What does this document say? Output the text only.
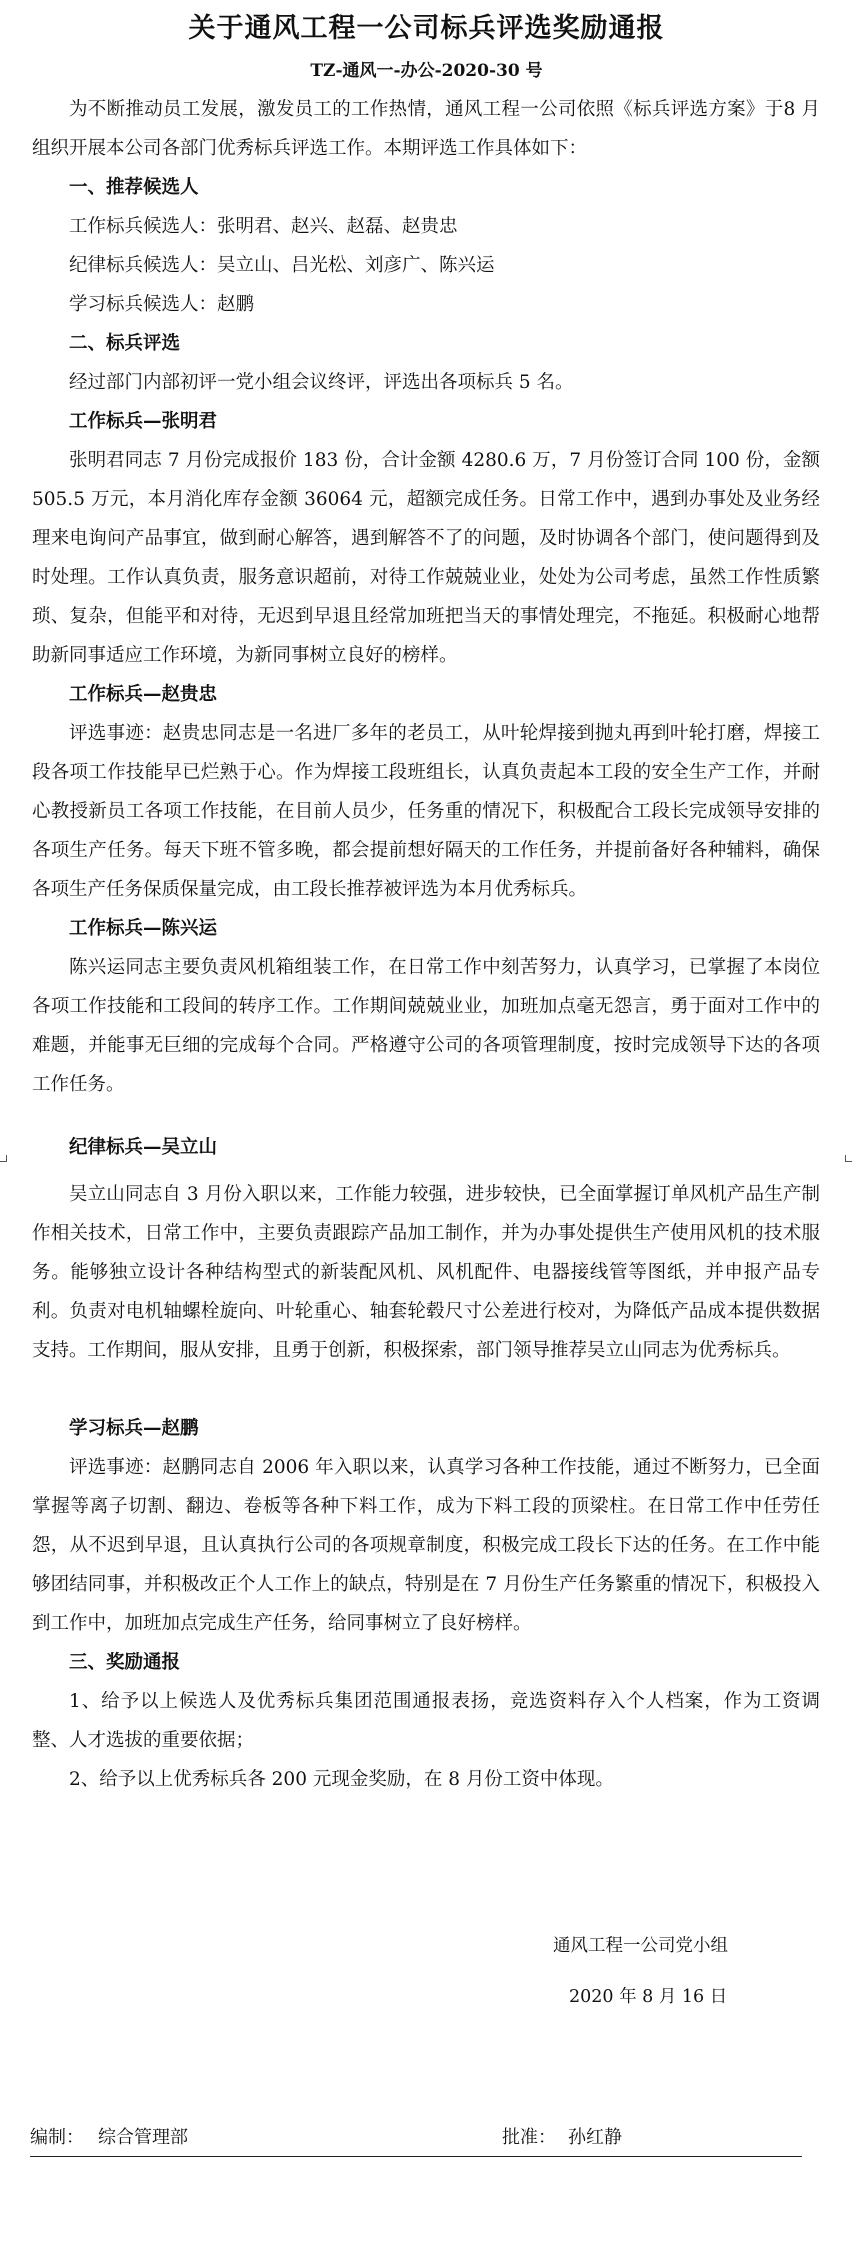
关于通风工程一公司标兵评选奖励通报
TZ-通风一-办公-2020-30 号

为不断推动员工发展，激发员工的工作热情，通风工程一公司依照《标兵评选方案》于8 月组织开展本公司各部门优秀标兵评选工作。本期评选工作具体如下：

一、推荐候选人
工作标兵候选人：张明君、赵兴、赵磊、赵贵忠
纪律标兵候选人：吴立山、吕光松、刘彦广、陈兴运
学习标兵候选人：赵鹏
二、标兵评选
经过部门内部初评一党小组会议终评，评选出各项标兵 5 名。
工作标兵—张明君

张明君同志 7 月份完成报价 183 份，合计金额 4280.6 万，7 月份签订合同 100 份，金额 505.5 万元，本月消化库存金额 36064 元，超额完成任务。日常工作中，遇到办事处及业务经理来电询问产品事宜，做到耐心解答，遇到解答不了的问题，及时协调各个部门，使问题得到及时处理。工作认真负责，服务意识超前，对待工作兢兢业业，处处为公司考虑，虽然工作性质繁琐、复杂，但能平和对待，无迟到早退且经常加班把当天的事情处理完，不拖延。积极耐心地帮助新同事适应工作环境，为新同事树立良好的榜样。

工作标兵—赵贵忠

评选事迹：赵贵忠同志是一名进厂多年的老员工，从叶轮焊接到抛丸再到叶轮打磨，焊接工段各项工作技能早已烂熟于心。作为焊接工段班组长，认真负责起本工段的安全生产工作，并耐心教授新员工各项工作技能，在目前人员少，任务重的情况下，积极配合工段长完成领导安排的各项生产任务。每天下班不管多晚，都会提前想好隔天的工作任务，并提前备好各种辅料，确保各项生产任务保质保量完成，由工段长推荐被评选为本月优秀标兵。

工作标兵—陈兴运

陈兴运同志主要负责风机箱组装工作，在日常工作中刻苦努力，认真学习，已掌握了本岗位各项工作技能和工段间的转序工作。工作期间兢兢业业，加班加点毫无怨言，勇于面对工作中的难题，并能事无巨细的完成每个合同。严格遵守公司的各项管理制度，按时完成领导下达的各项工作任务。

纪律标兵—吴立山

吴立山同志自 3 月份入职以来，工作能力较强，进步较快，已全面掌握订单风机产品生产制作相关技术，日常工作中，主要负责跟踪产品加工制作，并为办事处提供生产使用风机的技术服务。能够独立设计各种结构型式的新装配风机、风机配件、电器接线管等图纸，并申报产品专利。负责对电机轴螺栓旋向、叶轮重心、轴套轮毂尺寸公差进行校对，为降低产品成本提供数据支持。工作期间，服从安排，且勇于创新，积极探索，部门领导推荐吴立山同志为优秀标兵。

学习标兵—赵鹏

评选事迹：赵鹏同志自 2006 年入职以来，认真学习各种工作技能，通过不断努力，已全面掌握等离子切割、翻边、卷板等各种下料工作，成为下料工段的顶梁柱。在日常工作中任劳任怨，从不迟到早退，且认真执行公司的各项规章制度，积极完成工段长下达的任务。在工作中能够团结同事，并积极改正个人工作上的缺点，特别是在 7 月份生产任务繁重的情况下，积极投入到工作中，加班加点完成生产任务，给同事树立了良好榜样。

三、奖励通报

1、给予以上候选人及优秀标兵集团范围通报表扬，竞选资料存入个人档案，作为工资调整、人才选拔的重要依据；

2、给予以上优秀标兵各 200 元现金奖励，在 8 月份工资中体现。

通风工程一公司党小组
2020 年 8 月 16 日
编制： 综合管理部	批准： 孙红静
